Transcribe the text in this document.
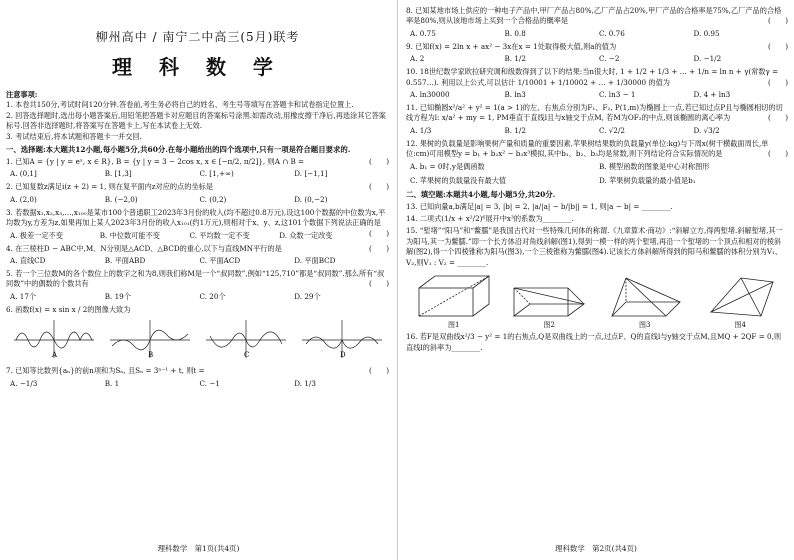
柳州高中 / 南宁二中高三(5月)联考

理 科 数 学

注意事项:

1. 本卷共150分,考试时间120分钟.答卷前,考生务必将自己的姓名、考生号等填写在答题卡和试卷指定位置上.

2. 回答选择题时,选出每小题答案后,用铅笔把答题卡对应题目的答案标号涂黑.如需改动,用橡皮擦干净后,再选涂其它答案标号.回答非选择题时,将答案写在答题卡上,写在本试卷上无效.

3. 考试结束后,将本试题和答题卡一并交回.

一、选择题:本大题共12小题,每小题5分,共60分.在每小题给出的四个选项中,只有一项是符合题目要求的.

1. 已知A = {y | y = eˣ, x ∈ R}, B = {y | y = 3 − 2cos x, x ∈ [−π/2, π/2]}, 则A ∩ B =	(　　)

A. (0,1]	B. [1,3]	C. [1,+∞)	D. [−1,1]

2. 已知复数z满足i(z + 2) = 1, 则在复平面内z对应的点的坐标是	(　　)

A. (2,0)	B. (−2,0)	C. (0,2)	D. (0,−2)

3. 若数据x₁,x₂,x₃,…,x₁₀₀是某市100个普通职工2023年3月份的收入(均不超过0.8万元),设这100个数据的中位数为x,平均数为y,方差为z,如果再加上某人2023年3月份的收入x₁₀₁(约1万元),则相对于x、y、z,这101个数据下列说法正确的是
(　　)

A. 极差一定不变	B. 中位数可能不变	C. 平均数一定不变	D. 众数一定改变

4. 在三棱柱D − ABC中,M、N分别是△ACD、△BCD的重心,以下与直线MN平行的是	(　　)

A. 直线CD	B. 平面ABD	C. 平面ACD	D. 平面BCD

5. 若一个三位数M的各个数位上的数字之和为8,则我们称M是一个“叔同数”,例如“125,710”都是“叔同数”.那么所有“叔同数”中的偶数的个数共有	(　　)

A. 17个	B. 19个	C. 20个	D. 29个

6. 函数f(x) = x sin x / 2的图像大致为

A	B	C	D

7. 已知等比数列{aₙ}的前n项和为Sₙ, 且Sₙ = 3ⁿ⁻¹ + t, 则t =	(　　)

A. −1/3	B. 1	C. −1	D. 1/3
理科数学　第1页(共4页)

8. 已知某地市场上供应的一种电子产品中,甲厂产品占80%,乙厂产品占20%,甲厂产品的合格率是75%,乙厂产品的合格率是80%,则从该地市场上买到一个合格品的概率是	(　　)

A. 0.75	B. 0.8	C. 0.76	D. 0.95

9. 已知f(x) = 2ln x + ax² − 3x在x = 1处取得极大值,则a的值为	(　　)

A. 2	B. 1/2	C. −2	D. −1/2

10. 18世纪数学家欧拉研究调和级数得到了以下的结果:当n很大时, 1 + 1/2 + 1/3 + … + 1/n = ln n + γ(常数γ = 0.557…). 利用以上公式,可以估计 1/10001 + 1/10002 + … + 1/30000 的值为	(　　)

A. ln30000	B. ln3	C. ln3 − 1	D. 4 + ln3

11. 已知椭圆x²/a² + y² = 1(a > 1)的左、右焦点分别为F₁、F₂, P(1,m)为椭圆上一点,若已知过点P且与椭圆相切的切线方程为l: x/a² + my = 1, PM垂直于直线l且与x轴交于点M, 若M为OF₂的中点,则该椭圆的离心率为	(　　)

A. 1/3	B. 1/2	C. √2/2	D. √3/2

12. 果树的负载量是影响果树产量和质量的重要因素,苹果树结果数的负载量y(单位:kg)与下周x(树干横截面周长,单位:cm)可用模型y = b₁ + b₂x² − b₃x³模拟,其中b₁、b₂、b₃均是常数,则下列结论符合实际情况的是	(　　)

A. b₁ = 0时,y是偶函数	B. 模型函数的图象是中心对称图形
C. 苹果树的负载量没有最大值	D. 苹果树负载量的最小值是b₁

二、填空题:本题共4小题,每小题5分,共20分.

13. 已知向量a,b满足|a| = 3, |b| = 2, |a/|a| − b/|b|| = 1, 则|a − b| = ________.

14. 二项式(1/x + x²/2)⁶展开中x³的系数为________.

15. “堑堵”“阳马”和“鳖臑”是我国古代对一些特殊几何体的称谓.《九章算术·商功》:“斜解立方,得两堑堵.斜解堑堵,其一为阳马,其一为鳖臑.”即一个长方体沿对角线斜解(图1),得到一模一样的两个堑堵,再沿一个堑堵的一个顶点和相对的棱斜解(图2),得一个四棱锥称为阳马(图3),一个三棱锥称为鳖臑(图4).记该长方体斜解所得到的阳马和鳖臑的体积分别为V₁、V₂,则V₁ : V₂ = ________.

图1	图2	图3	图4

16. 若F是双曲线x²/3 − y² = 1的右焦点,Q是双曲线上的一点,过点F、Q的直线l与y轴交于点M,且MQ + 2QF = 0,则直线l的斜率为________.

理科数学　第2页(共4页)
